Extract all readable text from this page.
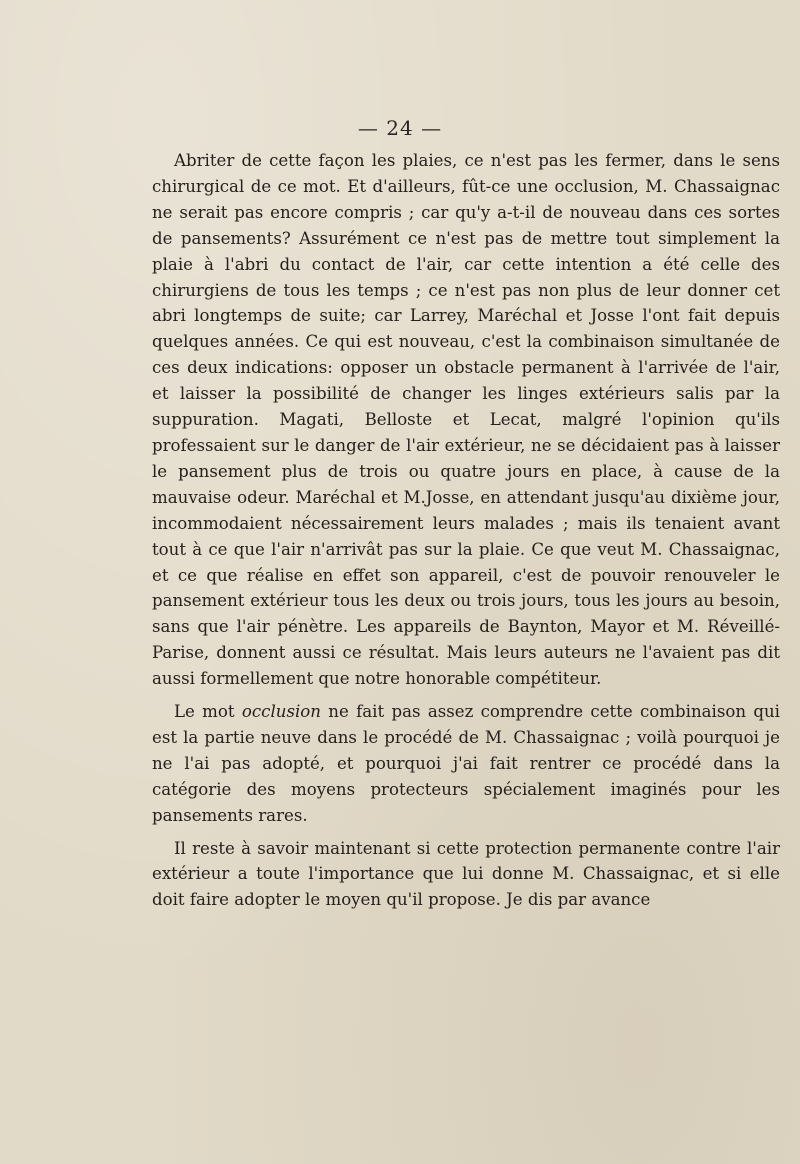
— 24 —

Abriter de cette façon les plaies, ce n'est pas les fermer, dans le sens chirurgical de ce mot. Et d'ailleurs, fût-ce une occlusion, M. Chassaignac ne serait pas encore compris ; car qu'y a-t-il de nouveau dans ces sortes de pansements? Assurément ce n'est pas de mettre tout simplement la plaie à l'abri du contact de l'air, car cette intention a été celle des chirurgiens de tous les temps ; ce n'est pas non plus de leur donner cet abri longtemps de suite; car Larrey, Maréchal et Josse l'ont fait depuis quelques années. Ce qui est nouveau, c'est la combinaison simultanée de ces deux indications: opposer un obstacle permanent à l'arrivée de l'air, et laisser la possibilité de changer les linges extérieurs salis par la suppuration. Magati, Belloste et Lecat, malgré l'opinion qu'ils professaient sur le danger de l'air extérieur, ne se décidaient pas à laisser le pansement plus de trois ou quatre jours en place, à cause de la mauvaise odeur. Maréchal et M.Josse, en attendant jusqu'au dixième jour, incommodaient nécessairement leurs malades ; mais ils tenaient avant tout à ce que l'air n'arrivât pas sur la plaie. Ce que veut M. Chassaignac, et ce que réalise en effet son appareil, c'est de pouvoir renouveler le pansement extérieur tous les deux ou trois jours, tous les jours au besoin, sans que l'air pénètre. Les appareils de Baynton, Mayor et M. Réveillé-Parise, donnent aussi ce résultat. Mais leurs auteurs ne l'avaient pas dit aussi formellement que notre honorable compétiteur.

Le mot occlusion ne fait pas assez comprendre cette combinaison qui est la partie neuve dans le procédé de M. Chassaignac ; voilà pourquoi je ne l'ai pas adopté, et pourquoi j'ai fait rentrer ce procédé dans la catégorie des moyens protecteurs spécialement imaginés pour les pansements rares.

Il reste à savoir maintenant si cette protection permanente contre l'air extérieur a toute l'importance que lui donne M. Chassaignac, et si elle doit faire adopter le moyen qu'il propose. Je dis par avance
